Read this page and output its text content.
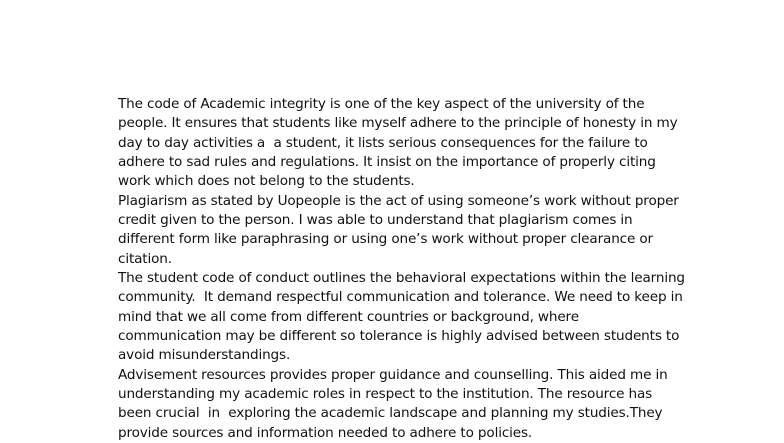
The code of Academic integrity is one of the key aspect of the university of the
people. It ensures that students like myself adhere to the principle of honesty in my
day to day activities a  a student, it lists serious consequences for the failure to
adhere to sad rules and regulations. It insist on the importance of properly citing
work which does not belong to the students.
Plagiarism as stated by Uopeople is the act of using someone’s work without proper
credit given to the person. I was able to understand that plagiarism comes in
different form like paraphrasing or using one’s work without proper clearance or
citation.
The student code of conduct outlines the behavioral expectations within the learning
community.  It demand respectful communication and tolerance. We need to keep in
mind that we all come from different countries or background, where
communication may be different so tolerance is highly advised between students to
avoid misunderstandings.
Advisement resources provides proper guidance and counselling. This aided me in
understanding my academic roles in respect to the institution. The resource has
been crucial  in  exploring the academic landscape and planning my studies.They
provide sources and information needed to adhere to policies.
